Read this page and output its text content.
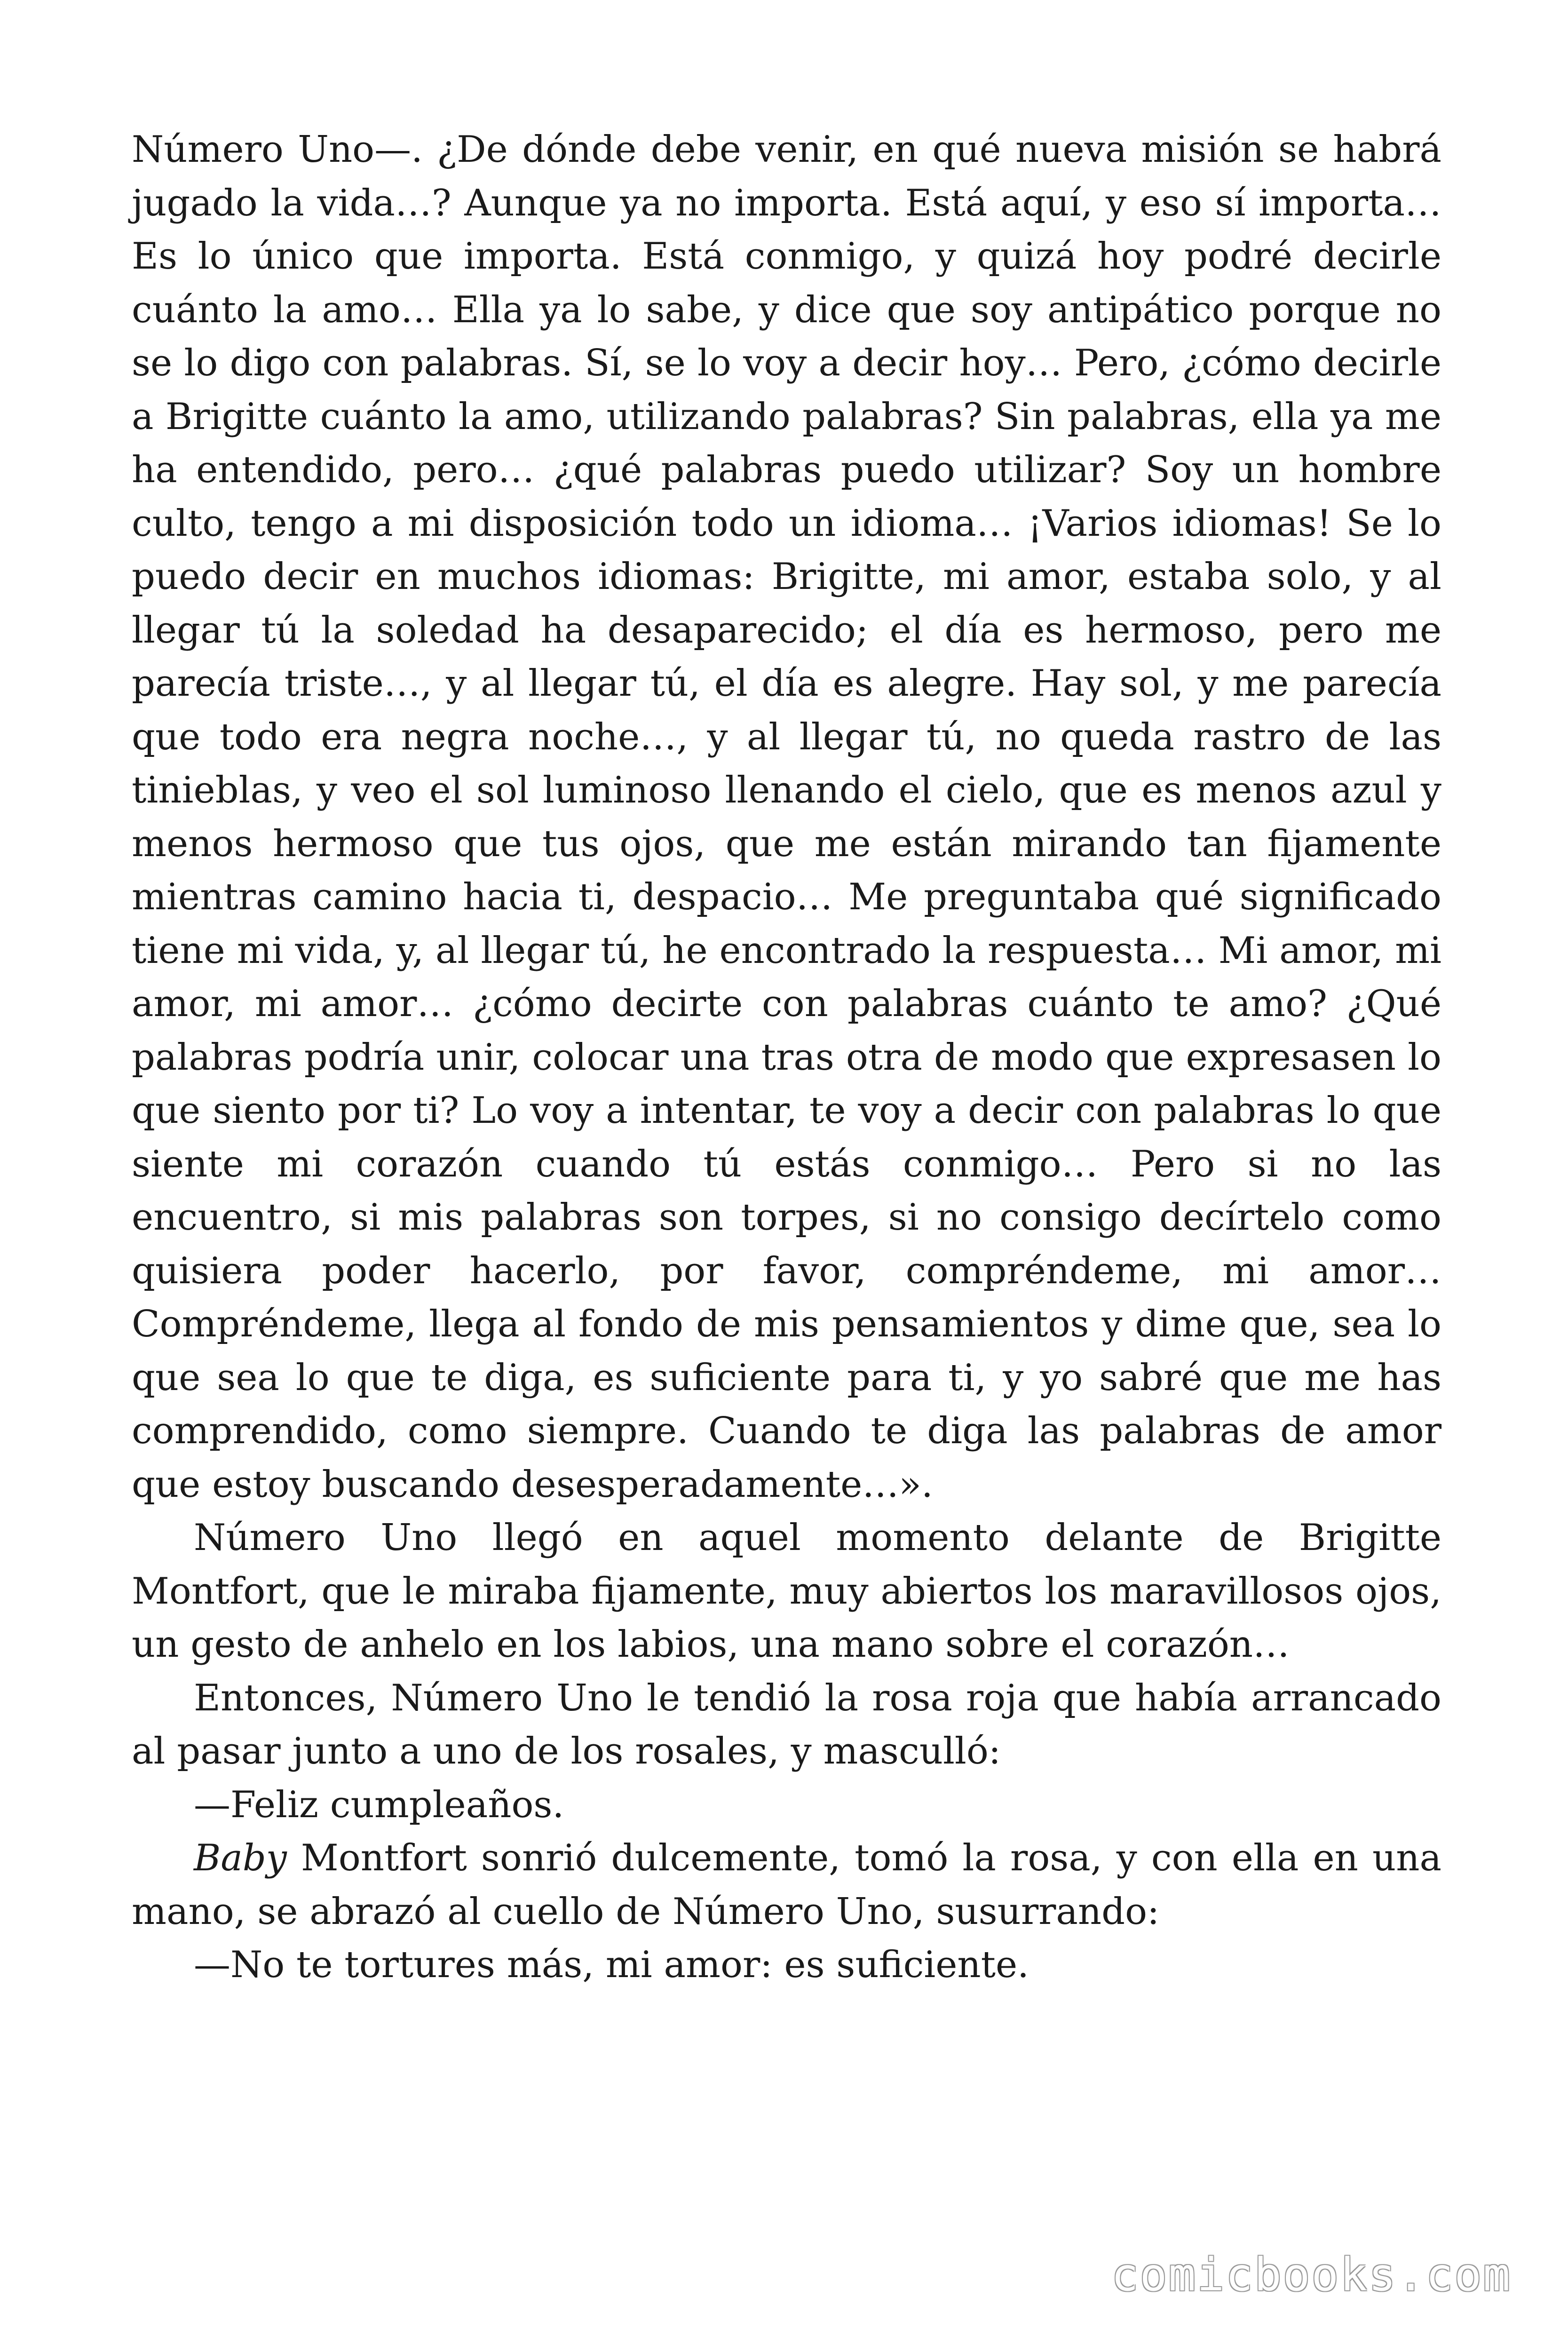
Número Uno—. ¿De dónde debe venir, en qué nueva misión se habrá jugado la vida…? Aunque ya no importa. Está aquí, y eso sí importa… Es lo único que importa. Está conmigo, y quizá hoy podré decirle cuánto la amo… Ella ya lo sabe, y dice que soy antipático porque no se lo digo con palabras. Sí, se lo voy a decir hoy… Pero, ¿cómo decirle a Brigitte cuánto la amo, utilizando palabras? Sin palabras, ella ya me ha entendido, pero… ¿qué palabras puedo utilizar? Soy un hombre culto, tengo a mi disposición todo un idioma… ¡Varios idiomas! Se lo puedo decir en muchos idiomas: Brigitte, mi amor, estaba solo, y al llegar tú la soledad ha desaparecido; el día es hermoso, pero me parecía triste…, y al llegar tú, el día es alegre. Hay sol, y me parecía que todo era negra noche…, y al llegar tú, no queda rastro de las tinieblas, y veo el sol luminoso llenando el cielo, que es menos azul y menos hermoso que tus ojos, que me están mirando tan fijamente mientras camino hacia ti, despacio… Me preguntaba qué significado tiene mi vida, y, al llegar tú, he encontrado la respuesta… Mi amor, mi amor, mi amor… ¿cómo decirte con palabras cuánto te amo? ¿Qué palabras podría unir, colocar una tras otra de modo que expresasen lo que siento por ti? Lo voy a intentar, te voy a decir con palabras lo que siente mi corazón cuando tú estás conmigo… Pero si no las encuentro, si mis palabras son torpes, si no consigo decírtelo como quisiera poder hacerlo, por favor, compréndeme, mi amor… Compréndeme, llega al fondo de mis pensamientos y dime que, sea lo que sea lo que te diga, es suficiente para ti, y yo sabré que me has comprendido, como siempre. Cuando te diga las palabras de amor que estoy buscando desesperadamente…».

Número Uno llegó en aquel momento delante de Brigitte Montfort, que le miraba fijamente, muy abiertos los maravillosos ojos, un gesto de anhelo en los labios, una mano sobre el corazón…

Entonces, Número Uno le tendió la rosa roja que había arrancado al pasar junto a uno de los rosales, y masculló:

—Feliz cumpleaños.

Baby Montfort sonrió dulcemente, tomó la rosa, y con ella en una mano, se abrazó al cuello de Número Uno, susurrando:

—No te tortures más, mi amor: es suficiente.

comicbooks.com
